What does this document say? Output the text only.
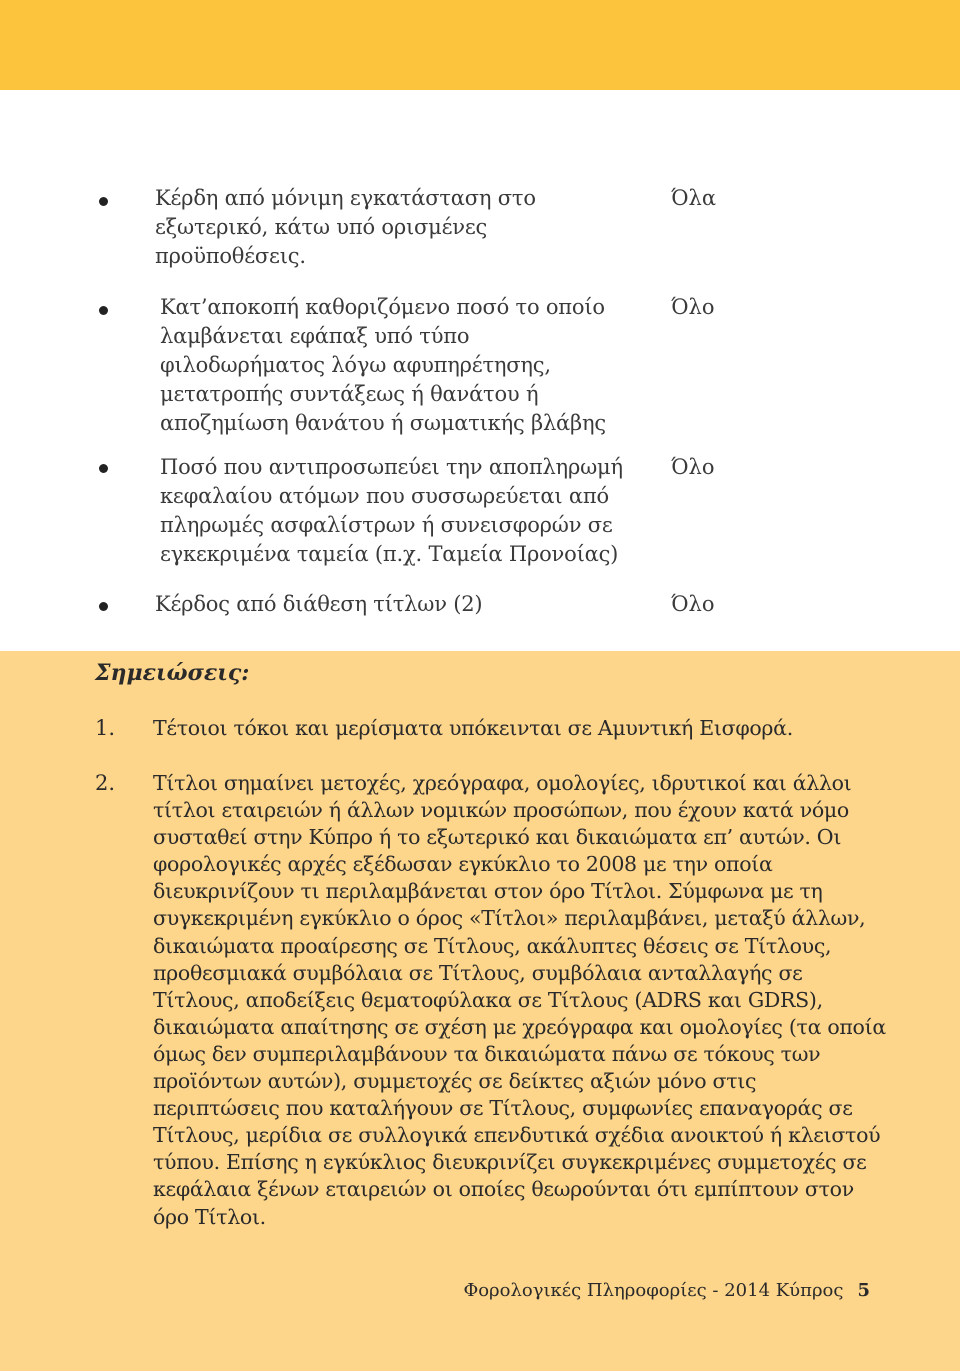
Κέρδη από μόνιμη εγκατάσταση στο εξωτερικό, κάτω υπό ορισμένες προϋποθέσεις.
Όλα
Κατ’αποκοπή καθοριζόμενο ποσό το οποίο λαμβάνεται εφάπαξ υπό τύπο φιλοδωρήματος λόγω αφυπηρέτησης, μετατροπής συντάξεως ή θανάτου ή αποζημίωση θανάτου ή σωματικής βλάβης
Όλο
Ποσό που αντιπροσωπεύει την αποπληρωμή κεφαλαίου ατόμων που συσσωρεύεται από πληρωμές ασφαλίστρων ή συνεισφορών σε εγκεκριμένα ταμεία (π.χ. Ταμεία Προνοίας)
Όλο
Κέρδος από διάθεση τίτλων (2)	Όλο
Σημειώσεις:
1. Τέτοιοι τόκοι και μερίσματα υπόκεινται σε Αμυντική Εισφορά.
2. Τίτλοι σημαίνει μετοχές, χρεόγραφα, ομολογίες, ιδρυτικοί και άλλοι τίτλοι εταιρειών ή άλλων νομικών προσώπων, που έχουν κατά νόμο συσταθεί στην Κύπρο ή το εξωτερικό και δικαιώματα επ’ αυτών. Οι φορολογικές αρχές εξέδωσαν εγκύκλιο το 2008 με την οποία διευκρινίζουν τι περιλαμβάνεται στον όρο Τίτλοι. Σύμφωνα με τη συγκεκριμένη εγκύκλιο ο όρος «Τίτλοι» περιλαμβάνει, μεταξύ άλλων, δικαιώματα προαίρεσης σε Τίτλους, ακάλυπτες θέσεις σε Τίτλους, προθεσμιακά συμβόλαια σε Τίτλους, συμβόλαια ανταλλαγής σε Τίτλους, αποδείξεις θεματοφύλακα σε Τίτλους (ADRS και GDRS), δικαιώματα απαίτησης σε σχέση με χρεόγραφα και ομολογίες (τα οποία όμως δεν συμπεριλαμβάνουν τα δικαιώματα πάνω σε τόκους των προϊόντων αυτών), συμμετοχές σε δείκτες αξιών μόνο στις περιπτώσεις που καταλήγουν σε Τίτλους, συμφωνίες επαναγοράς σε Τίτλους, μερίδια σε συλλογικά επενδυτικά σχέδια ανοικτού ή κλειστού τύπου. Επίσης η εγκύκλιος διευκρινίζει συγκεκριμένες συμμετοχές σε κεφάλαια ξένων εταιρειών οι οποίες θεωρούνται ότι εμπίπτουν στον όρο Τίτλοι.
Φορολογικές Πληροφορίες - 2014 Κύπρος 5
